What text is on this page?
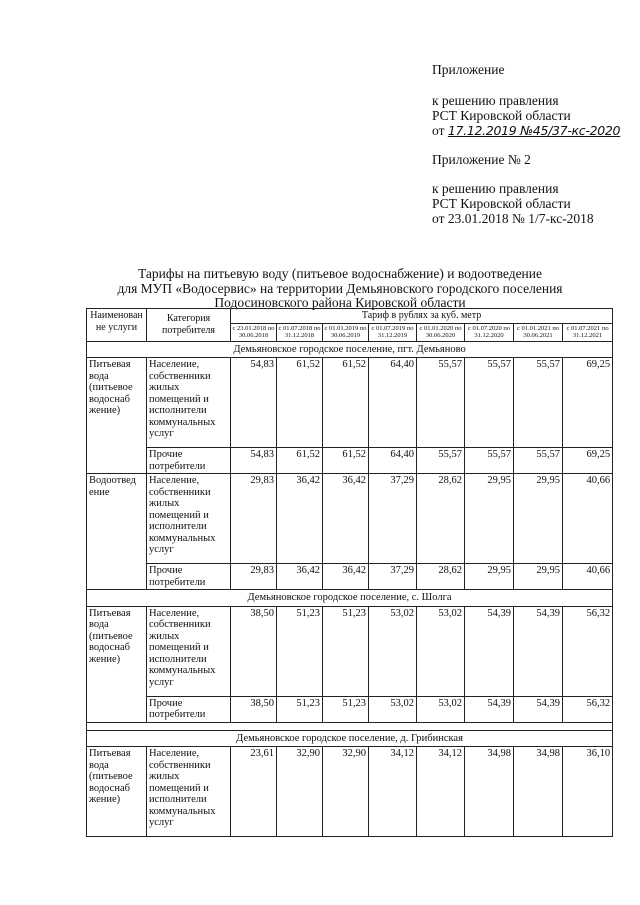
Приложение
к решению правления
РСТ Кировской области
от 17.12.2019 №45/37-кс-2020
Приложение № 2
к решению правления
РСТ Кировской области
от 23.01.2018 № 1/7-кс-2018
Тарифы на питьевую воду (питьевое водоснабжение) и водоотведение
для МУП «Водосервис» на территории Демьяновского городского поселения
Подосиновского района Кировской области
Наименован не услуги	Категория потребителя	Тариф в рублях за куб. метр							
		с 23.01.2018 по 30.06.2018	с 01.07.2018 по 31.12.2018	с 01.01.2019 по 30.06.2019	с 01.07.2019 по 31.12.2019	с 01.01.2020 по 30.06.2020	с 01.07.2020 по 31.12.2020	с 01.01.2021 по 30.06.2021	с 01.07.2021 по 31.12.2021
Демьяновское городское поселение, пгт. Демьяново									
Питьевая вода (питьевое водоснаб жение)	Население, собственники жилых помещений и исполнители коммунальных услуг	54,83	61,52	61,52	64,40	55,57	55,57	55,57	69,25
	Прочие потребители	54,83	61,52	61,52	64,40	55,57	55,57	55,57	69,25
Водоотвед ение	Население, собственники жилых помещений и исполнители коммунальных услуг	29,83	36,42	36,42	37,29	28,62	29,95	29,95	40,66
	Прочие потребители	29,83	36,42	36,42	37,29	28,62	29,95	29,95	40,66
Демьяновское городское поселение, с. Шолга									
Питьевая вода (питьевое водоснаб жение)	Население, собственники жилых помещений и исполнители коммунальных услуг	38,50	51,23	51,23	53,02	53,02	54,39	54,39	56,32
	Прочие потребители	38,50	51,23	51,23	53,02	53,02	54,39	54,39	56,32

Демьяновское городское поселение, д. Грибинская									
Питьевая вода (питьевое водоснаб жение)	Население, собственники жилых помещений и исполнители коммунальных услуг	23,61	32,90	32,90	34,12	34,12	34,98	34,98	36,10
